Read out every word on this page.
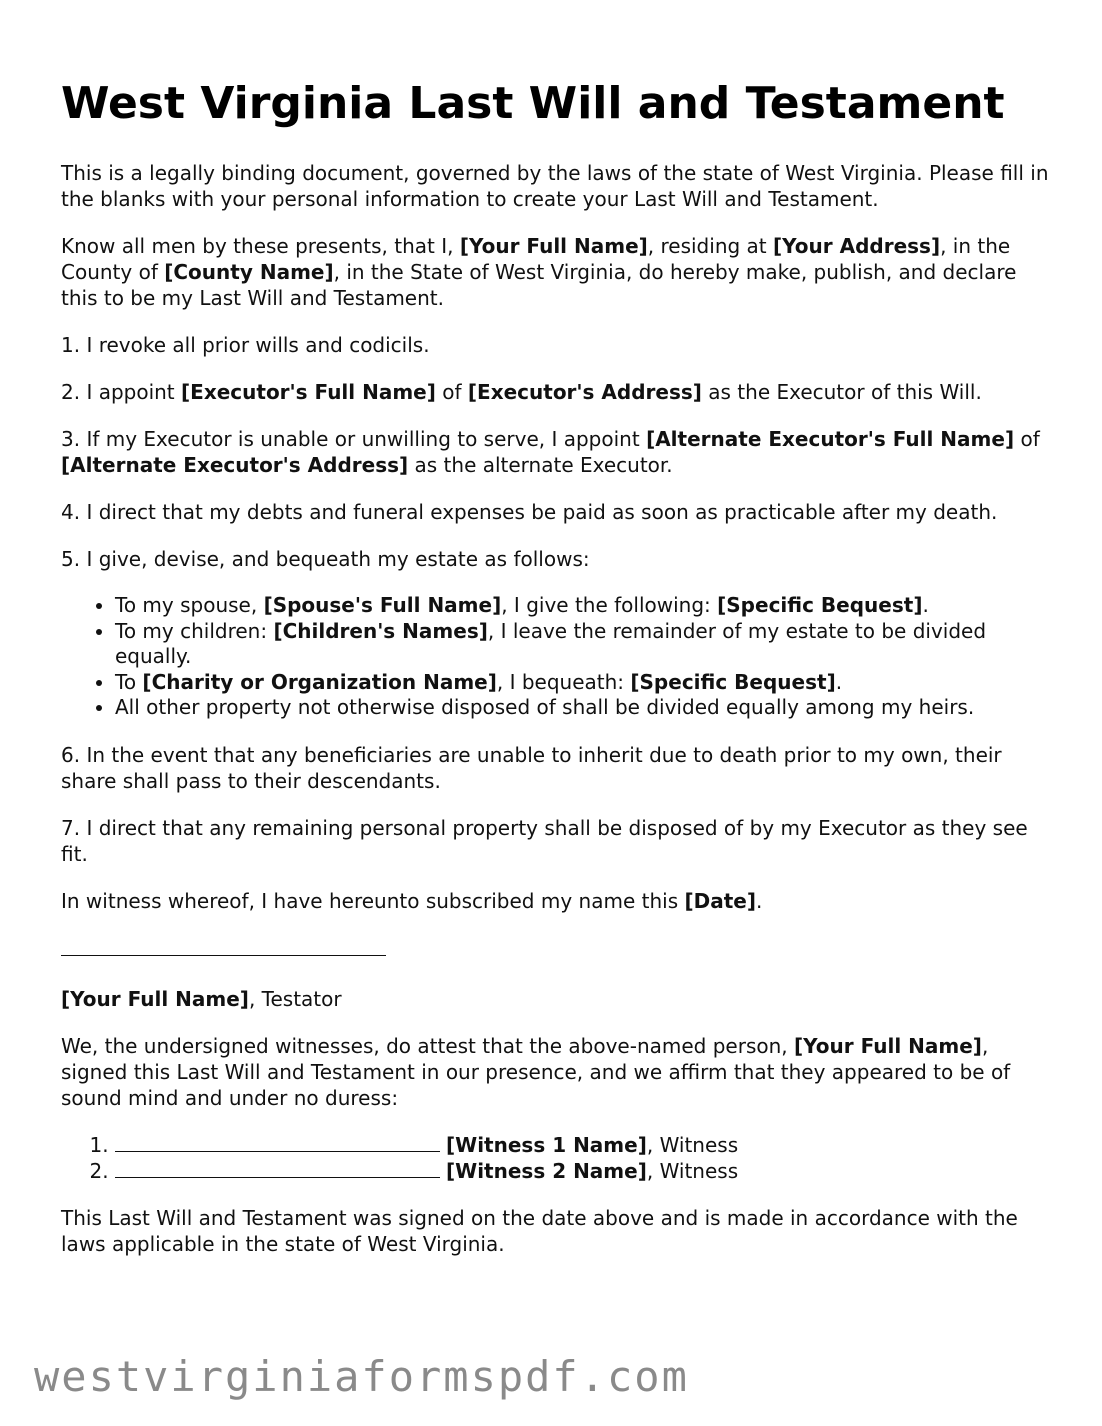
West Virginia Last Will and Testament

This is a legally binding document, governed by the laws of the state of West Virginia. Please fill in the blanks with your personal information to create your Last Will and Testament.

Know all men by these presents, that I, [Your Full Name], residing at [Your Address], in the County of [County Name], in the State of West Virginia, do hereby make, publish, and declare this to be my Last Will and Testament.

1. I revoke all prior wills and codicils.

2. I appoint [Executor's Full Name] of [Executor's Address] as the Executor of this Will.

3. If my Executor is unable or unwilling to serve, I appoint [Alternate Executor's Full Name] of [Alternate Executor's Address] as the alternate Executor.

4. I direct that my debts and funeral expenses be paid as soon as practicable after my death.

5. I give, devise, and bequeath my estate as follows:

• To my spouse, [Spouse's Full Name], I give the following: [Specific Bequest].
• To my children: [Children's Names], I leave the remainder of my estate to be divided equally.
• To [Charity or Organization Name], I bequeath: [Specific Bequest].
• All other property not otherwise disposed of shall be divided equally among my heirs.

6. In the event that any beneficiaries are unable to inherit due to death prior to my own, their share shall pass to their descendants.

7. I direct that any remaining personal property shall be disposed of by my Executor as they see fit.

In witness whereof, I have hereunto subscribed my name this [Date].

[Your Full Name], Testator

We, the undersigned witnesses, do attest that the above-named person, [Your Full Name], signed this Last Will and Testament in our presence, and we affirm that they appeared to be of sound mind and under no duress:

1. [Witness 1 Name], Witness
2. [Witness 2 Name], Witness

This Last Will and Testament was signed on the date above and is made in accordance with the laws applicable in the state of West Virginia.

westvirginiaformspdf.com
